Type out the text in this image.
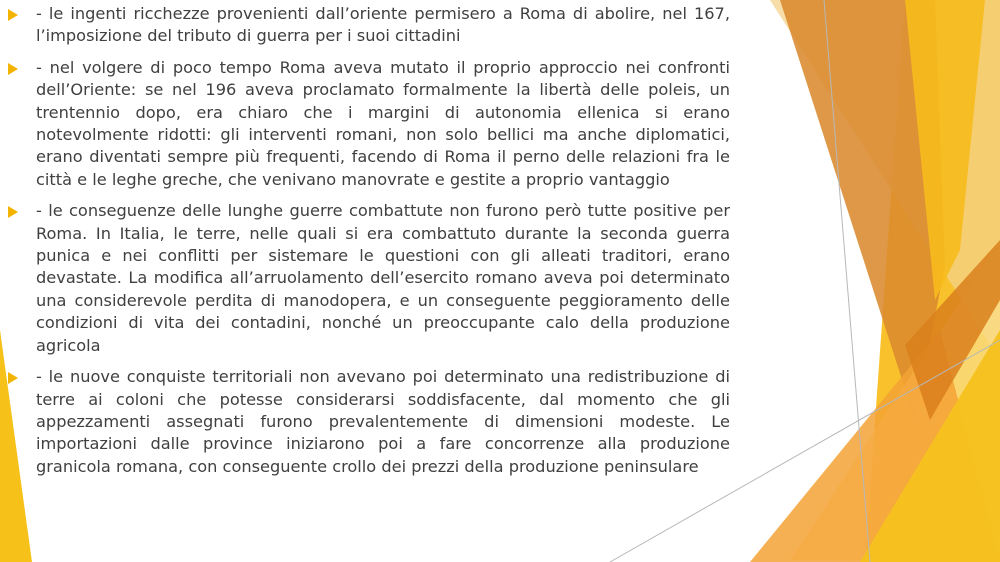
- le ingenti ricchezze provenienti dall’oriente permisero a Roma di abolire, nel 167, l’imposizione del tributo di guerra per i suoi cittadini

- nel volgere di poco tempo Roma aveva mutato il proprio approccio nei confronti dell’Oriente: se nel 196 aveva proclamato formalmente la libertà delle poleis, un trentennio dopo, era chiaro che i margini di autonomia ellenica si erano notevolmente ridotti: gli interventi romani, non solo bellici ma anche diplomatici, erano diventati sempre più frequenti, facendo di Roma il perno delle relazioni fra le città e le leghe greche, che venivano manovrate e gestite a proprio vantaggio

- le conseguenze delle lunghe guerre combattute non furono però tutte positive per Roma. In Italia, le terre, nelle quali si era combattuto durante la seconda guerra punica e nei conflitti per sistemare le questioni con gli alleati traditori, erano devastate. La modifica all’arruolamento dell’esercito romano aveva poi determinato una considerevole perdita di manodopera, e un conseguente peggioramento delle condizioni di vita dei contadini, nonché un preoccupante calo della produzione agricola

- le nuove conquiste territoriali non avevano poi determinato una redistribuzione di terre ai coloni che potesse considerarsi soddisfacente, dal momento che gli appezzamenti assegnati furono prevalentemente di dimensioni modeste. Le importazioni dalle province iniziarono poi a fare concorrenze alla produzione granicola romana, con conseguente crollo dei prezzi della produzione peninsulare
